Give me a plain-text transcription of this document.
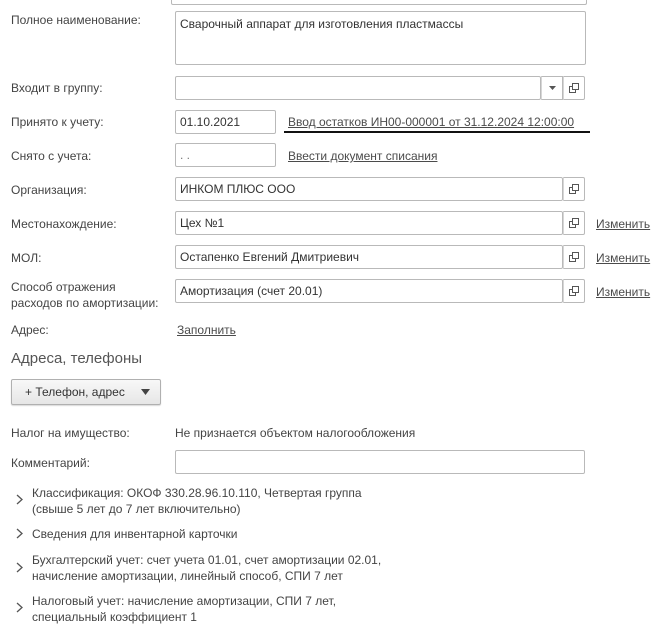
Полное наименование:	Сварочный аппарат для изготовления пластмассы
Входит в группу:
Принято к учету:	01.10.2021	Ввод остатков ИН00-000001 от 31.12.2024 12:00:00
Снято с учета:	. .	Ввести документ списания
Организация:	ИНКОМ ПЛЮС ООО
Местонахождение:	Цех №1	Изменить
МОЛ:	Остапенко Евгений Дмитриевич	Изменить
Способ отражения
расходов по амортизации:
Амортизация (счет 20.01)	Изменить
Адрес:	Заполнить
Адреса, телефоны
+ Телефон, адрес
Налог на имущество:	Не признается объектом налогообложения
Комментарий:
Классификация: ОКОФ 330.28.96.10.110, Четвертая группа
(свыше 5 лет до 7 лет включительно)
Сведения для инвентарной карточки
Бухгалтерский учет: счет учета 01.01, счет амортизации 02.01,
начисление амортизации, линейный способ, СПИ 7 лет
Налоговый учет: начисление амортизации, СПИ 7 лет,
специальный коэффициент 1
